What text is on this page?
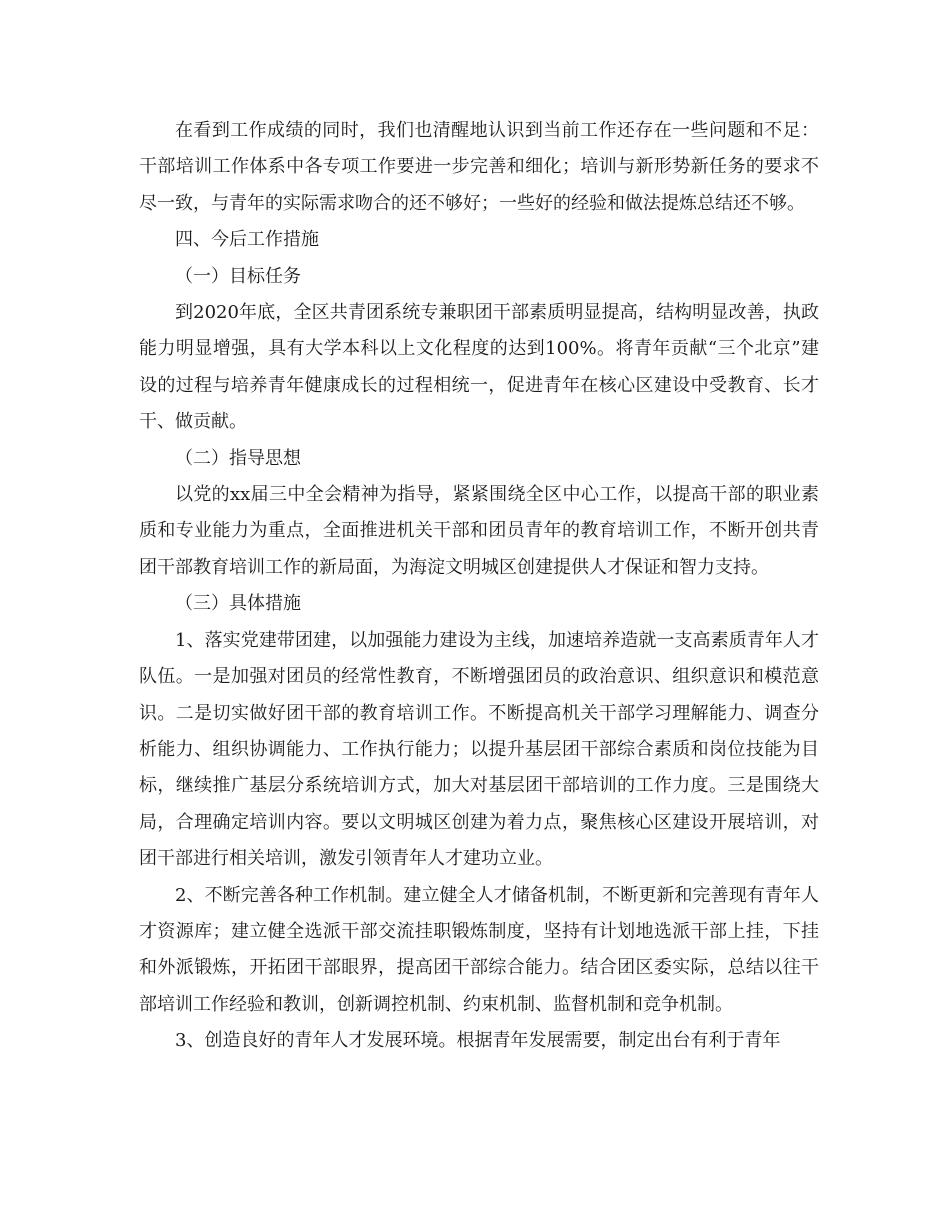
在看到工作成绩的同时，我们也清醒地认识到当前工作还存在一些问题和不足：干部培训工作体系中各专项工作要进一步完善和细化；培训与新形势新任务的要求不尽一致，与青年的实际需求吻合的还不够好；一些好的经验和做法提炼总结还不够。

四、今后工作措施

（一）目标任务

到2020年底，全区共青团系统专兼职团干部素质明显提高，结构明显改善，执政能力明显增强，具有大学本科以上文化程度的达到100%。将青年贡献“三个北京”建设的过程与培养青年健康成长的过程相统一，促进青年在核心区建设中受教育、长才干、做贡献。

（二）指导思想

以党的xx届三中全会精神为指导，紧紧围绕全区中心工作，以提高干部的职业素质和专业能力为重点，全面推进机关干部和团员青年的教育培训工作，不断开创共青团干部教育培训工作的新局面，为海淀文明城区创建提供人才保证和智力支持。

（三）具体措施

1、落实党建带团建，以加强能力建设为主线，加速培养造就一支高素质青年人才队伍。一是加强对团员的经常性教育，不断增强团员的政治意识、组织意识和模范意识。二是切实做好团干部的教育培训工作。不断提高机关干部学习理解能力、调查分析能力、组织协调能力、工作执行能力；以提升基层团干部综合素质和岗位技能为目标，继续推广基层分系统培训方式，加大对基层团干部培训的工作力度。三是围绕大局，合理确定培训内容。要以文明城区创建为着力点，聚焦核心区建设开展培训，对团干部进行相关培训，激发引领青年人才建功立业。

2、不断完善各种工作机制。建立健全人才储备机制，不断更新和完善现有青年人才资源库；建立健全选派干部交流挂职锻炼制度，坚持有计划地选派干部上挂，下挂和外派锻炼，开拓团干部眼界，提高团干部综合能力。结合团区委实际，总结以往干部培训工作经验和教训，创新调控机制、约束机制、监督机制和竞争机制。

3、创造良好的青年人才发展环境。根据青年发展需要，制定出台有利于青年
